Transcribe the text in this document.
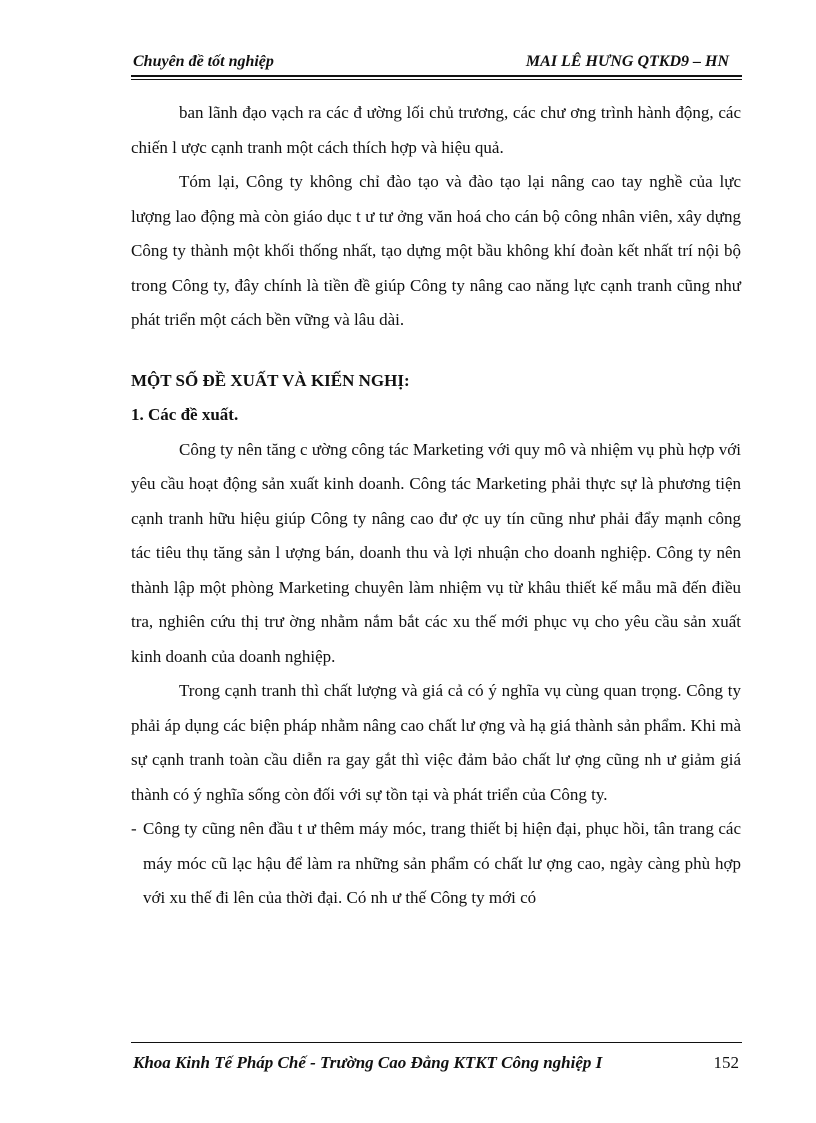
Chuyên đề tốt nghiệp	MAI LÊ HƯNG QTKD9 – HN

ban lãnh đạo vạch ra các đ ường lối chủ trương, các chư ơng trình hành động, các chiến l ược cạnh tranh một cách thích hợp và hiệu quả.

Tóm lại, Công ty không chỉ đào tạo và đào tạo lại nâng cao tay nghề của lực lượng lao động mà còn giáo dục t ư tư ởng văn hoá cho cán bộ công nhân viên, xây dựng Công ty thành một khối thống nhất, tạo dựng một bầu không khí đoàn kết nhất trí nội bộ trong Công ty, đây chính là tiền đề giúp Công ty nâng cao năng lực cạnh tranh cũng như phát triển một cách bền vững và lâu dài.

MỘT SỐ ĐỀ XUẤT VÀ KIẾN NGHỊ:

1. Các đề xuất.

Công ty nên tăng c ường công tác Marketing với quy mô và nhiệm vụ phù hợp với yêu cầu hoạt động sản xuất kinh doanh. Công tác Marketing phải thực sự là phương tiện cạnh tranh hữu hiệu giúp Công ty nâng cao đư ợc uy tín cũng như phải đẩy mạnh công tác tiêu thụ tăng sản l ượng bán, doanh thu và lợi nhuận cho doanh nghiệp. Công ty nên thành lập một phòng Marketing chuyên làm nhiệm vụ từ khâu thiết kế mẫu mã đến điều tra, nghiên cứu thị trư ờng nhằm nắm bắt các xu thế mới phục vụ cho yêu cầu sản xuất kinh doanh của doanh nghiệp.

Trong cạnh tranh thì chất lượng và giá cả có ý nghĩa vụ cùng quan trọng. Công ty phải áp dụng các biện pháp nhằm nâng cao chất lư ợng và hạ giá thành sản phẩm. Khi mà sự cạnh tranh toàn cầu diễn ra gay gắt thì việc đảm bảo chất lư ợng cũng nh ư giảm giá thành có ý nghĩa sống còn đối với sự tồn tại và phát triển của Công ty.

- Công ty cũng nên đầu t ư thêm máy móc, trang thiết bị hiện đại, phục hồi, tân trang các máy móc cũ lạc hậu để làm ra những sản phẩm có chất lư ợng cao, ngày càng phù hợp với xu thế đi lên của thời đại. Có nh ư thế Công ty mới có

Khoa Kinh Tế Pháp Chế - Trường Cao Đẳng KTKT Công nghiệp I	152
